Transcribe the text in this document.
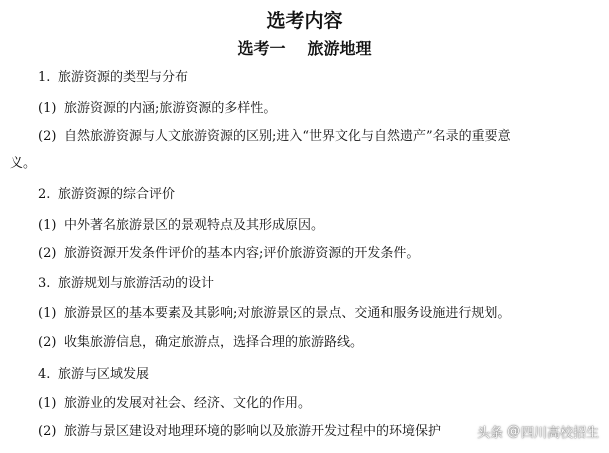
选考内容
选考一 旅游地理
1. 旅游资源的类型与分布
(1) 旅游资源的内涵;旅游资源的多样性。
(2) 自然旅游资源与人文旅游资源的区别;进入“世界文化与自然遗产”名录的重要意
义。
2. 旅游资源的综合评价
(1) 中外著名旅游景区的景观特点及其形成原因。
(2) 旅游资源开发条件评价的基本内容;评价旅游资源的开发条件。
3. 旅游规划与旅游活动的设计
(1) 旅游景区的基本要素及其影响;对旅游景区的景点、交通和服务设施进行规划。
(2) 收集旅游信息，确定旅游点，选择合理的旅游路线。
4. 旅游与区域发展
(1) 旅游业的发展对社会、经济、文化的作用。
(2) 旅游与景区建设对地理环境的影响以及旅游开发过程中的环境保护	头条 @ 四川高校招生
